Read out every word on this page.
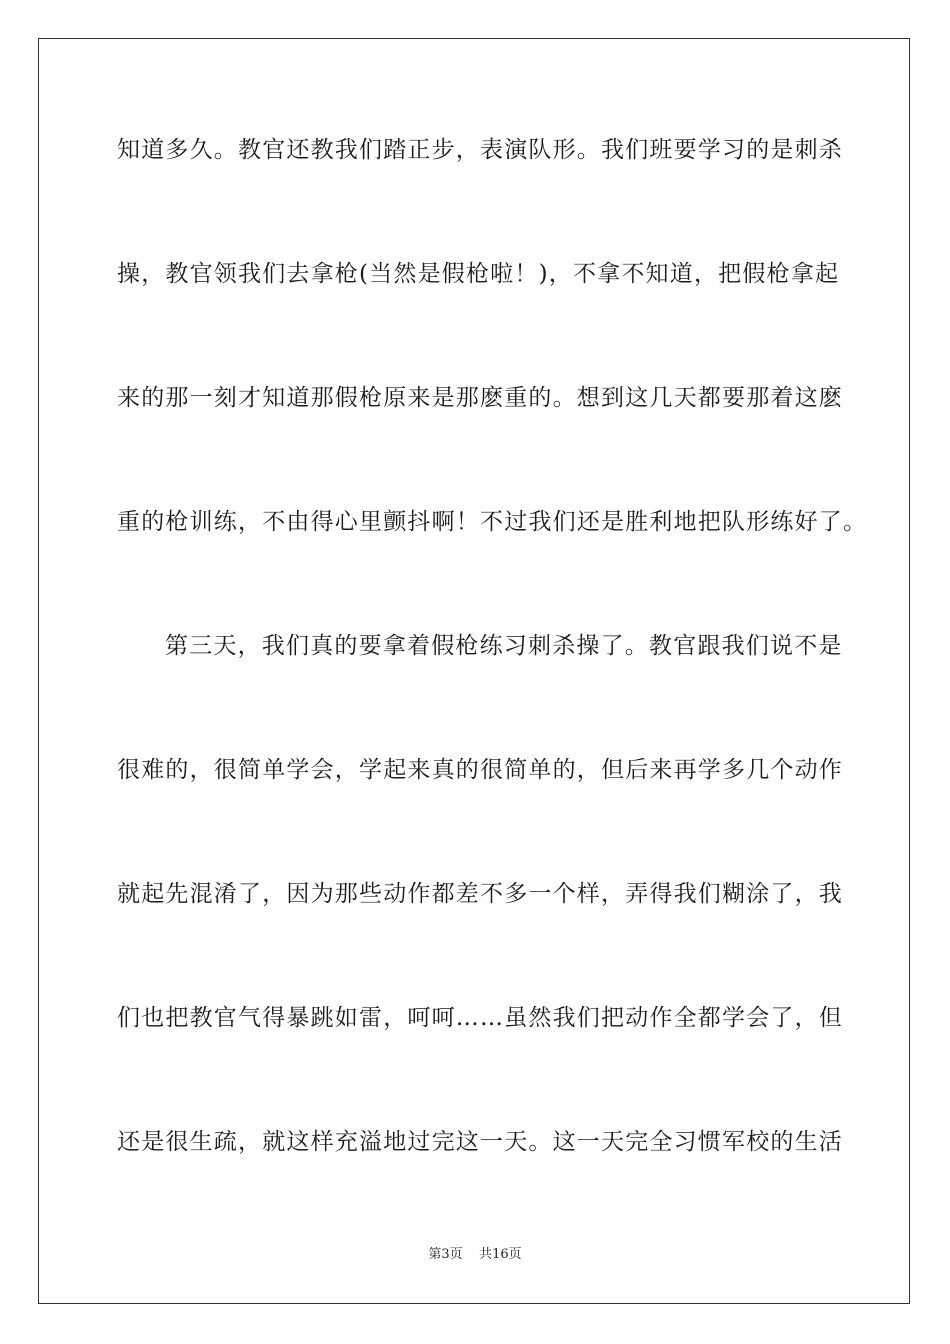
知道多久。教官还教我们踏正步，表演队形。我们班要学习的是刺杀
操，教官领我们去拿枪(当然是假枪啦！)，不拿不知道，把假枪拿起
来的那一刻才知道那假枪原来是那麽重的。想到这几天都要那着这麽
重的枪训练，不由得心里颤抖啊！不过我们还是胜利地把队形练好了。
第三天，我们真的要拿着假枪练习刺杀操了。教官跟我们说不是
很难的，很简单学会，学起来真的很简单的，但后来再学多几个动作
就起先混淆了，因为那些动作都差不多一个样，弄得我们糊涂了，我
们也把教官气得暴跳如雷，呵呵……虽然我们把动作全都学会了，但
还是很生疏，就这样充溢地过完这一天。这一天完全习惯军校的生活
第3页 共16页
